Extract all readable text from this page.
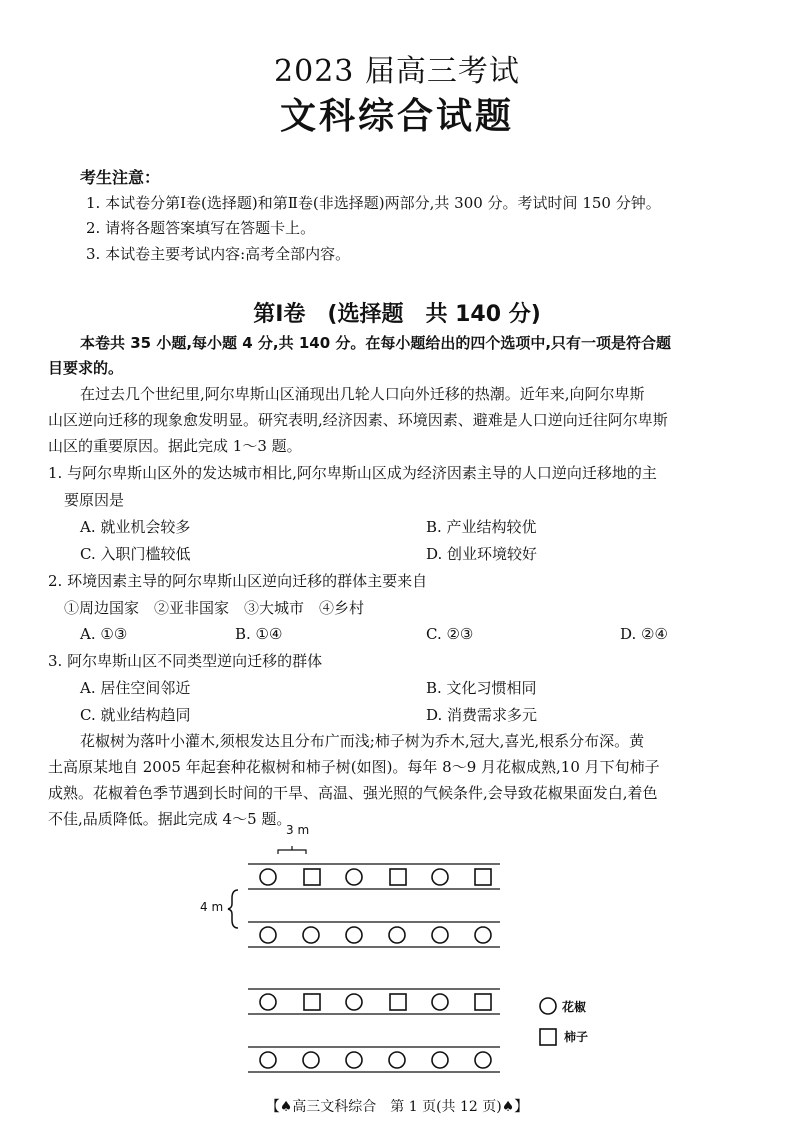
2023 届高三考试
文科综合试题
考生注意：
1. 本试卷分第Ⅰ卷(选择题)和第Ⅱ卷(非选择题)两部分,共 300 分。考试时间 150 分钟。
2. 请将各题答案填写在答题卡上。
3. 本试卷主要考试内容:高考全部内容。
第Ⅰ卷　(选择题　共 140 分)
本卷共 35 小题,每小题 4 分,共 140 分。在每小题给出的四个选项中,只有一项是符合题
目要求的。
在过去几个世纪里,阿尔卑斯山区涌现出几轮人口向外迁移的热潮。近年来,向阿尔卑斯
山区逆向迁移的现象愈发明显。研究表明,经济因素、环境因素、避难是人口逆向迁往阿尔卑斯
山区的重要原因。据此完成 1～3 题。
1. 与阿尔卑斯山区外的发达城市相比,阿尔卑斯山区成为经济因素主导的人口逆向迁移地的主
要原因是
A. 就业机会较多	B. 产业结构较优
C. 入职门槛较低	D. 创业环境较好
2. 环境因素主导的阿尔卑斯山区逆向迁移的群体主要来自
①周边国家　②亚非国家　③大城市　④乡村
A. ①③	B. ①④	C. ②③	D. ②④
3. 阿尔卑斯山区不同类型逆向迁移的群体
A. 居住空间邻近	B. 文化习惯相同
C. 就业结构趋同	D. 消费需求多元
花椒树为落叶小灌木,须根发达且分布广而浅;柿子树为乔木,冠大,喜光,根系分布深。黄
土高原某地自 2005 年起套种花椒树和柿子树(如图)。每年 8～9 月花椒成熟,10 月下旬柿子
成熟。花椒着色季节遇到长时间的干旱、高温、强光照的气候条件,会导致花椒果面发白,着色
不佳,品质降低。据此完成 4～5 题。
3 m
4 m
花椒
柿子
【♠高三文科综合　第 1 页(共 12 页)♠】
